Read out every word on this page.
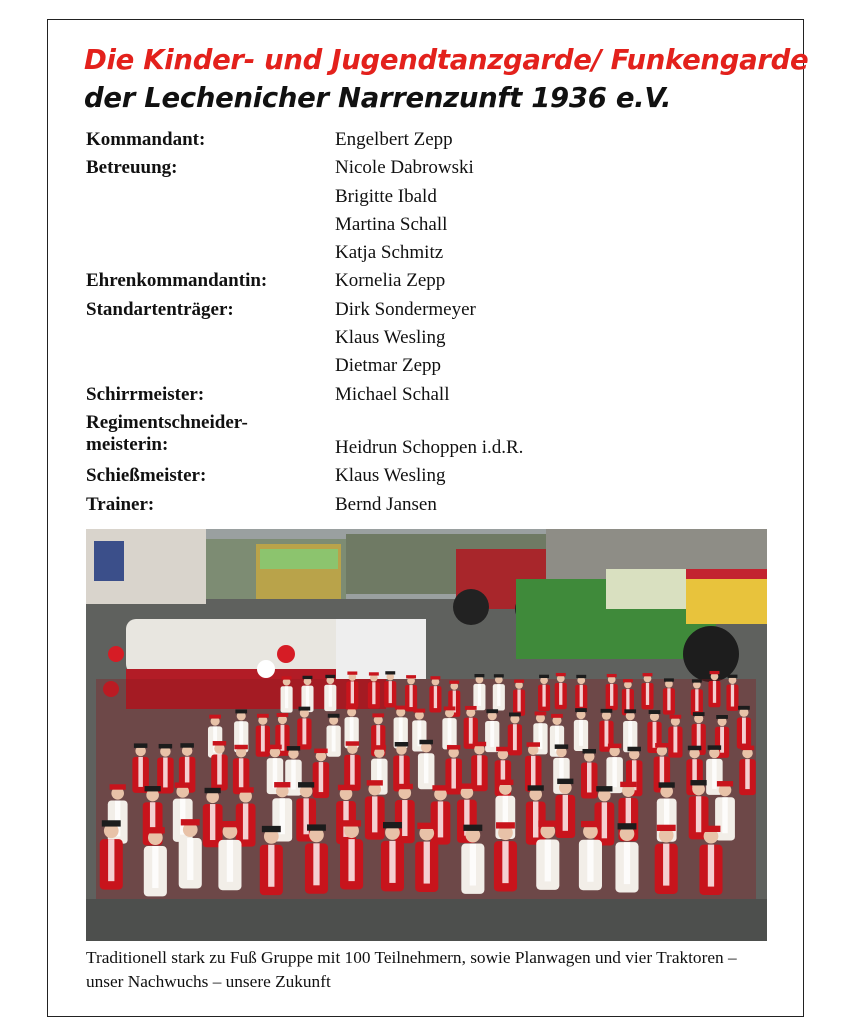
Die Kinder- und Jugendtanzgarde/ Funkengarde
der Lechenicher Narrenzunft 1936 e.V.
Kommandant:	Engelbert Zepp
Betreuung:	Nicole Dabrowski
Brigitte Ibald
Martina Schall
Katja Schmitz
Ehrenkommandantin:	Kornelia Zepp
Standartenträger:	Dirk Sondermeyer
Klaus Wesling
Dietmar Zepp
Schirrmeister:	Michael Schall
Regimentschneider-
meisterin:	Heidrun Schoppen i.d.R.
Schießmeister:	Klaus Wesling
Trainer:	Bernd Jansen
Traditionell stark zu Fuß Gruppe mit 100 Teilnehmern, sowie Planwagen und vier Traktoren – unser Nachwuchs – unsere Zukunft
